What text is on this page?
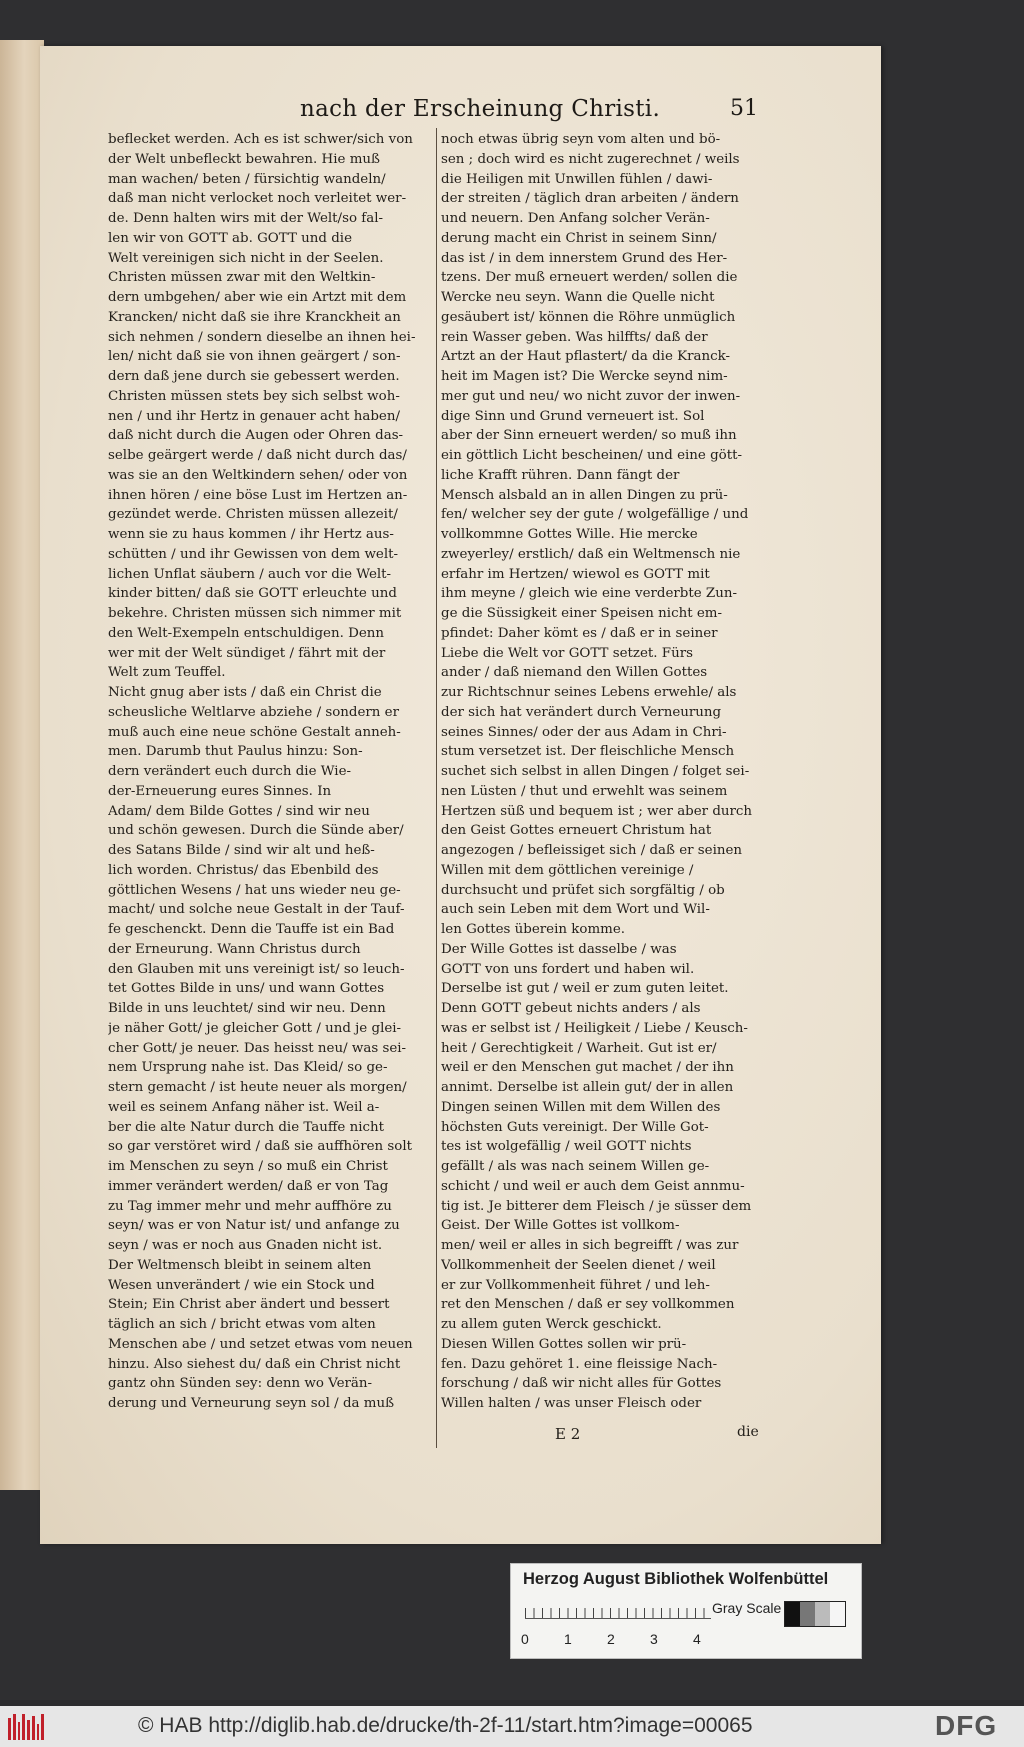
nach der Erscheinung Christi.	51
beflecket werden. Ach es ist schwer/sich von
der Welt unbefleckt bewahren. Hie muß
man wachen/ beten / fürsichtig wandeln/
daß man nicht verlocket noch verleitet wer-
de. Denn halten wirs mit der Welt/so fal-
len wir von GOTT ab. GOTT und die
Welt vereinigen sich nicht in der Seelen.
Christen müssen zwar mit den Weltkin-
dern umbgehen/ aber wie ein Artzt mit dem
Krancken/ nicht daß sie ihre Kranckheit an
sich nehmen / sondern dieselbe an ihnen hei-
len/ nicht daß sie von ihnen geärgert / son-
dern daß jene durch sie gebessert werden.
Christen müssen stets bey sich selbst woh-
nen / und ihr Hertz in genauer acht haben/
daß nicht durch die Augen oder Ohren das-
selbe geärgert werde / daß nicht durch das/
was sie an den Weltkindern sehen/ oder von
ihnen hören / eine böse Lust im Hertzen an-
gezündet werde. Christen müssen allezeit/
wenn sie zu haus kommen / ihr Hertz aus-
schütten / und ihr Gewissen von dem welt-
lichen Unflat säubern / auch vor die Welt-
kinder bitten/ daß sie GOTT erleuchte und
bekehre. Christen müssen sich nimmer mit
den Welt-Exempeln entschuldigen. Denn
wer mit der Welt sündiget / fährt mit der
Welt zum Teuffel.
Nicht gnug aber ists / daß ein Christ die
scheusliche Weltlarve abziehe / sondern er
muß auch eine neue schöne Gestalt anneh-
men. Darumb thut Paulus hinzu: Son-
dern verändert euch durch die Wie-
der-Erneuerung eures Sinnes. In
Adam/ dem Bilde Gottes / sind wir neu
und schön gewesen. Durch die Sünde aber/
des Satans Bilde / sind wir alt und heß-
lich worden. Christus/ das Ebenbild des
göttlichen Wesens / hat uns wieder neu ge-
macht/ und solche neue Gestalt in der Tauf-
fe geschenckt. Denn die Tauffe ist ein Bad
der Erneurung. Wann Christus durch
den Glauben mit uns vereinigt ist/ so leuch-
tet Gottes Bilde in uns/ und wann Gottes
Bilde in uns leuchtet/ sind wir neu. Denn
je näher Gott/ je gleicher Gott / und je glei-
cher Gott/ je neuer. Das heisst neu/ was sei-
nem Ursprung nahe ist. Das Kleid/ so ge-
stern gemacht / ist heute neuer als morgen/
weil es seinem Anfang näher ist. Weil a-
ber die alte Natur durch die Tauffe nicht
so gar verstöret wird / daß sie auffhören solt
im Menschen zu seyn / so muß ein Christ
immer verändert werden/ daß er von Tag
zu Tag immer mehr und mehr auffhöre zu
seyn/ was er von Natur ist/ und anfange zu
seyn / was er noch aus Gnaden nicht ist.
Der Weltmensch bleibt in seinem alten
Wesen unverändert / wie ein Stock und
Stein; Ein Christ aber ändert und bessert
täglich an sich / bricht etwas vom alten
Menschen abe / und setzet etwas vom neuen
hinzu. Also siehest du/ daß ein Christ nicht
gantz ohn Sünden sey: denn wo Verän-
derung und Verneurung seyn sol / da muß
noch etwas übrig seyn vom alten und bö-
sen ; doch wird es nicht zugerechnet / weils
die Heiligen mit Unwillen fühlen / dawi-
der streiten / täglich dran arbeiten / ändern
und neuern. Den Anfang solcher Verän-
derung macht ein Christ in seinem Sinn/
das ist / in dem innerstem Grund des Her-
tzens. Der muß erneuert werden/ sollen die
Wercke neu seyn. Wann die Quelle nicht
gesäubert ist/ können die Röhre unmüglich
rein Wasser geben. Was hilffts/ daß der
Artzt an der Haut pflastert/ da die Kranck-
heit im Magen ist? Die Wercke seynd nim-
mer gut und neu/ wo nicht zuvor der inwen-
dige Sinn und Grund verneuert ist. Sol
aber der Sinn erneuert werden/ so muß ihn
ein göttlich Licht bescheinen/ und eine gött-
liche Krafft rühren. Dann fängt der
Mensch alsbald an in allen Dingen zu prü-
fen/ welcher sey der gute / wolgefällige / und
vollkommne Gottes Wille. Hie mercke
zweyerley/ erstlich/ daß ein Weltmensch nie
erfahr im Hertzen/ wiewol es GOTT mit
ihm meyne / gleich wie eine verderbte Zun-
ge die Süssigkeit einer Speisen nicht em-
pfindet: Daher kömt es / daß er in seiner
Liebe die Welt vor GOTT setzet. Fürs
ander / daß niemand den Willen Gottes
zur Richtschnur seines Lebens erwehle/ als
der sich hat verändert durch Verneurung
seines Sinnes/ oder der aus Adam in Chri-
stum versetzet ist. Der fleischliche Mensch
suchet sich selbst in allen Dingen / folget sei-
nen Lüsten / thut und erwehlt was seinem
Hertzen süß und bequem ist ; wer aber durch
den Geist Gottes erneuert Christum hat
angezogen / befleissiget sich / daß er seinen
Willen mit dem göttlichen vereinige /
durchsucht und prüfet sich sorgfältig / ob
auch sein Leben mit dem Wort und Wil-
len Gottes überein komme.
Der Wille Gottes ist dasselbe / was
GOTT von uns fordert und haben wil.
Derselbe ist gut / weil er zum guten leitet.
Denn GOTT gebeut nichts anders / als
was er selbst ist / Heiligkeit / Liebe / Keusch-
heit / Gerechtigkeit / Warheit. Gut ist er/
weil er den Menschen gut machet / der ihn
annimt. Derselbe ist allein gut/ der in allen
Dingen seinen Willen mit dem Willen des
höchsten Guts vereinigt. Der Wille Got-
tes ist wolgefällig / weil GOTT nichts
gefällt / als was nach seinem Willen ge-
schicht / und weil er auch dem Geist annmu-
tig ist. Je bitterer dem Fleisch / je süsser dem
Geist. Der Wille Gottes ist vollkom-
men/ weil er alles in sich begreifft / was zur
Vollkommenheit der Seelen dienet / weil
er zur Vollkommenheit führet / und leh-
ret den Menschen / daß er sey vollkommen
zu allem guten Werck geschickt.
Diesen Willen Gottes sollen wir prü-
fen. Dazu gehöret 1. eine fleissige Nach-
forschung / daß wir nicht alles für Gottes
Willen halten / was unser Fleisch oder
E 2	die
Herzog August Bibliothek Wolfenbüttel
0	1	2	3	4
Gray Scale
© HAB http://diglib.hab.de/drucke/th-2f-11/start.htm?image=00065	DFG
